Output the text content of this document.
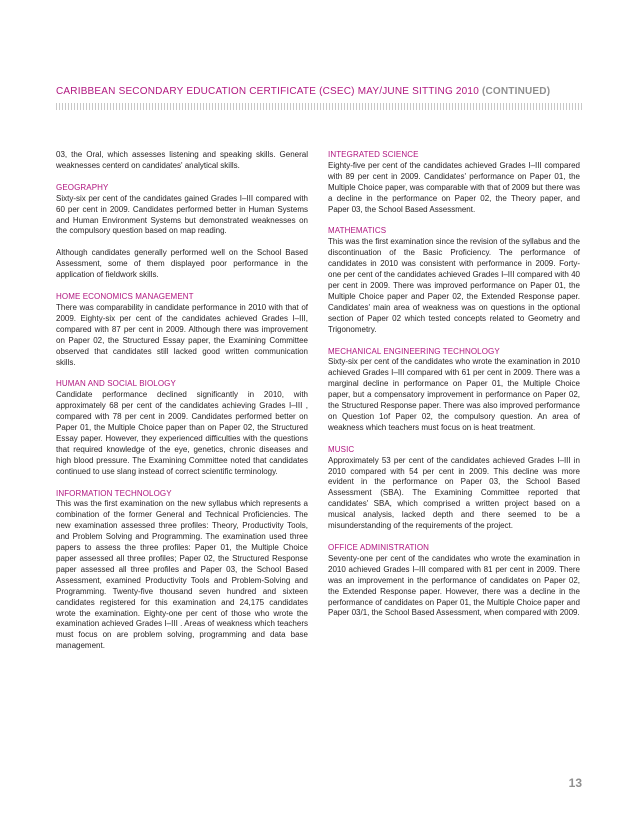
CARIBBEAN SECONDARY EDUCATION CERTIFICATE (CSEC) MAY/JUNE SITTING 2010 (CONTINUED)

03, the Oral, which assesses listening and speaking skills. General weaknesses centerd on candidates' analytical skills.

GEOGRAPHY

Sixty-six per cent of the candidates gained Grades I–III compared with 60 per cent in 2009. Candidates performed better in Human Systems and Human Environment Systems but demonstrated weaknesses on the compulsory question based on map reading.

Although candidates generally performed well on the School Based Assessment, some of them displayed poor performance in the application of fieldwork skills.

HOME ECONOMICS MANAGEMENT

There was comparability in candidate performance in 2010 with that of 2009. Eighty-six per cent of the candidates achieved Grades I–III, compared with 87 per cent in 2009. Although there was improvement on Paper 02, the Structured Essay paper, the Examining Committee observed that candidates still lacked good written communication skills.

HUMAN AND SOCIAL BIOLOGY

Candidate performance declined significantly in 2010, with approximately 68 per cent of the candidates achieving Grades I–III , compared with 78 per cent in 2009. Candidates performed better on Paper 01, the Multiple Choice paper than on Paper 02, the Structured Essay paper. However, they experienced difficulties with the questions that required knowledge of the eye, genetics, chronic diseases and high blood pressure. The Examining Committee noted that candidates continued to use slang instead of correct scientific terminology.

INFORMATION TECHNOLOGY

This was the first examination on the new syllabus which represents a combination of the former General and Technical Proficiencies. The new examination assessed three profiles: Theory, Productivity Tools, and Problem Solving and Programming. The examination used three papers to assess the three profiles: Paper 01, the Multiple Choice paper assessed all three profiles; Paper 02, the Structured Response paper assessed all three profiles and Paper 03, the School Based Assessment, examined Productivity Tools and Problem-Solving and Programming. Twenty-five thousand seven hundred and sixteen candidates registered for this examination and 24,175 candidates wrote the examination. Eighty-one per cent of those who wrote the examination achieved Grades I–III . Areas of weakness which teachers must focus on are problem solving, programming and data base management.

INTEGRATED SCIENCE

Eighty-five per cent of the candidates achieved Grades I–III compared with 89 per cent in 2009. Candidates' performance on Paper 01, the Multiple Choice paper, was comparable with that of 2009 but there was a decline in the performance on Paper 02, the Theory paper, and Paper 03, the School Based Assessment.

MATHEMATICS

This was the first examination since the revision of the syllabus and the discontinuation of the Basic Proficiency. The performance of candidates in 2010 was consistent with performance in 2009. Forty-one per cent of the candidates achieved Grades I–III compared with 40 per cent in 2009. There was improved performance on Paper 01, the Multiple Choice paper and Paper 02, the Extended Response paper. Candidates' main area of weakness was on questions in the optional section of Paper 02 which tested concepts related to Geometry and Trigonometry.

MECHANICAL ENGINEERING TECHNOLOGY

Sixty-six per cent of the candidates who wrote the examination in 2010 achieved Grades I–III compared with 61 per cent in 2009. There was a marginal decline in performance on Paper 01, the Multiple Choice paper, but a compensatory improvement in performance on Paper 02, the Structured Response paper. There was also improved performance on Question 1of Paper 02, the compulsory question. An area of weakness which teachers must focus on is heat treatment.

MUSIC

Approximately 53 per cent of the candidates achieved Grades I–III in 2010 compared with 54 per cent in 2009. This decline was more evident in the performance on Paper 03, the School Based Assessment (SBA). The Examining Committee reported that candidates' SBA, which comprised a written project based on a musical analysis, lacked depth and there seemed to be a misunderstanding of the requirements of the project.

OFFICE ADMINISTRATION

Seventy-one per cent of the candidates who wrote the examination in 2010 achieved Grades I–III compared with 81 per cent in 2009. There was an improvement in the performance of candidates on Paper 02, the Extended Response paper. However, there was a decline in the performance of candidates on Paper 01, the Multiple Choice paper and Paper 03/1, the School Based Assessment, when compared with 2009.

13
